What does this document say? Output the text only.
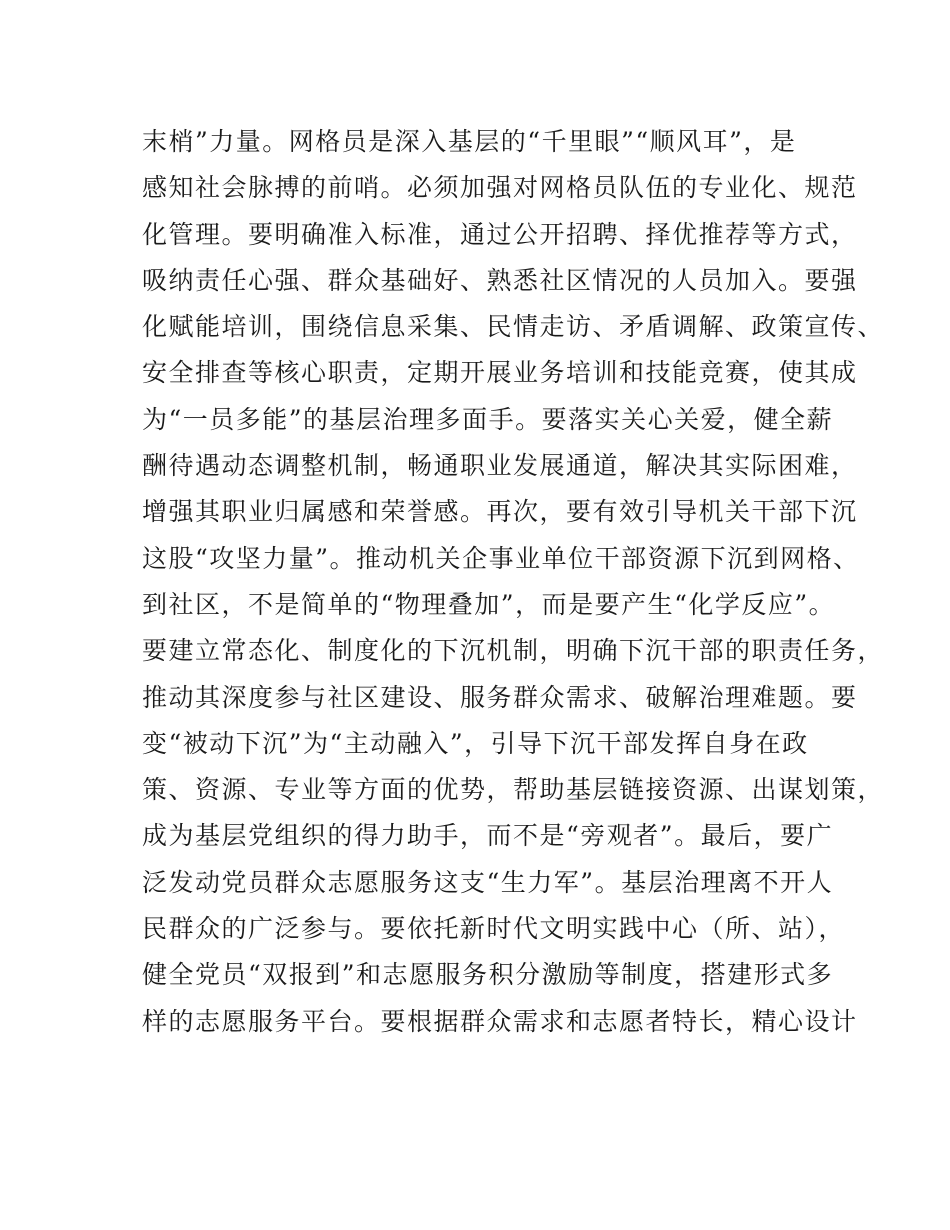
末梢”力量。网格员是深入基层的“千里眼”“顺风耳”，是
感知社会脉搏的前哨。必须加强对网格员队伍的专业化、规范
化管理。要明确准入标准，通过公开招聘、择优推荐等方式，
吸纳责任心强、群众基础好、熟悉社区情况的人员加入。要强
化赋能培训，围绕信息采集、民情走访、矛盾调解、政策宣传、
安全排查等核心职责，定期开展业务培训和技能竞赛，使其成
为“一员多能”的基层治理多面手。要落实关心关爱，健全薪
酬待遇动态调整机制，畅通职业发展通道，解决其实际困难，
增强其职业归属感和荣誉感。再次，要有效引导机关干部下沉
这股“攻坚力量”。推动机关企事业单位干部资源下沉到网格、
到社区，不是简单的“物理叠加”，而是要产生“化学反应”。
要建立常态化、制度化的下沉机制，明确下沉干部的职责任务，
推动其深度参与社区建设、服务群众需求、破解治理难题。要
变“被动下沉”为“主动融入”，引导下沉干部发挥自身在政
策、资源、专业等方面的优势，帮助基层链接资源、出谋划策，
成为基层党组织的得力助手，而不是“旁观者”。最后，要广
泛发动党员群众志愿服务这支“生力军”。基层治理离不开人
民群众的广泛参与。要依托新时代文明实践中心（所、站），
健全党员“双报到”和志愿服务积分激励等制度，搭建形式多
样的志愿服务平台。要根据群众需求和志愿者特长，精心设计
